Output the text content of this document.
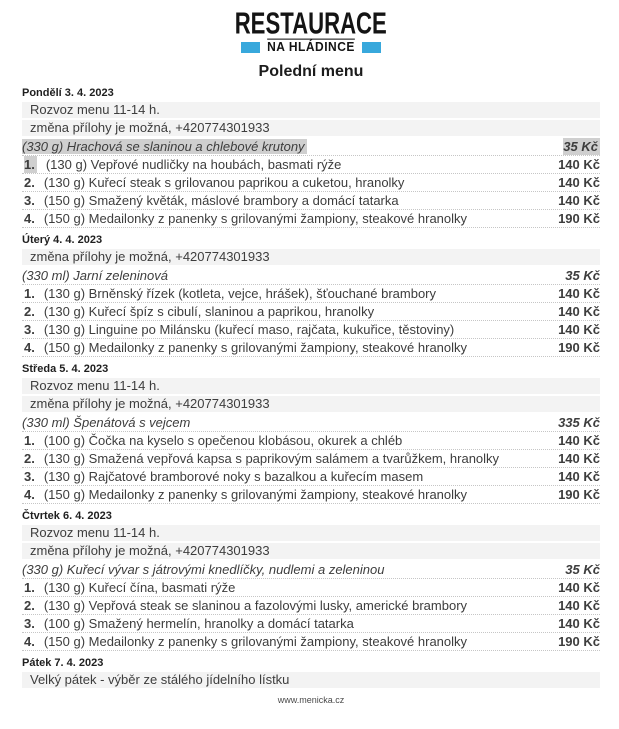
RESTAURACE
NA HLÁDINCE
Polední menu
Pondělí 3. 4. 2023
Rozvoz menu 11-14 h.
změna přílohy je možná, +420774301933
(330 g) Hrachová se slaninou a chlebové krutony	35 Kč
1. (130 g) Vepřové nudličky na houbách, basmati rýže	140 Kč
2. (130 g) Kuřecí steak s grilovanou paprikou a cuketou, hranolky	140 Kč
3. (150 g) Smažený květák, máslové brambory a domácí tatarka	140 Kč
4. (150 g) Medailonky z panenky s grilovanými žampiony, steakové hranolky	190 Kč
Úterý 4. 4. 2023
změna přílohy je možná, +420774301933
(330 ml) Jarní zeleninová	35 Kč
1. (130 g) Brněnský řízek (kotleta, vejce, hrášek), šťouchané brambory	140 Kč
2. (130 g) Kuřecí špíz s cibulí, slaninou a paprikou, hranolky	140 Kč
3. (130 g) Linguine po Milánsku (kuřecí maso, rajčata, kukuřice, těstoviny)	140 Kč
4. (150 g) Medailonky z panenky s grilovanými žampiony, steakové hranolky	190 Kč
Středa 5. 4. 2023
Rozvoz menu 11-14 h.
změna přílohy je možná, +420774301933
(330 ml) Špenátová s vejcem	335 Kč
1. (100 g) Čočka na kyselo s opečenou klobásou, okurek a chléb	140 Kč
2. (130 g) Smažená vepřová kapsa s paprikovým salámem a tvarůžkem, hranolky	140 Kč
3. (130 g) Rajčatové bramborové noky s bazalkou a kuřecím masem	140 Kč
4. (150 g) Medailonky z panenky s grilovanými žampiony, steakové hranolky	190 Kč
Čtvrtek 6. 4. 2023
Rozvoz menu 11-14 h.
změna přílohy je možná, +420774301933
(330 g) Kuřecí vývar s játrovými knedlíčky, nudlemi a zeleninou	35 Kč
1. (130 g) Kuřecí čína, basmati rýže	140 Kč
2. (130 g) Vepřová steak se slaninou a fazolovými lusky, americké brambory	140 Kč
3. (100 g) Smažený hermelín, hranolky a domácí tatarka	140 Kč
4. (150 g) Medailonky z panenky s grilovanými žampiony, steakové hranolky	190 Kč
Pátek 7. 4. 2023
Velký pátek - výběr ze stálého jídelního lístku
www.menicka.cz
